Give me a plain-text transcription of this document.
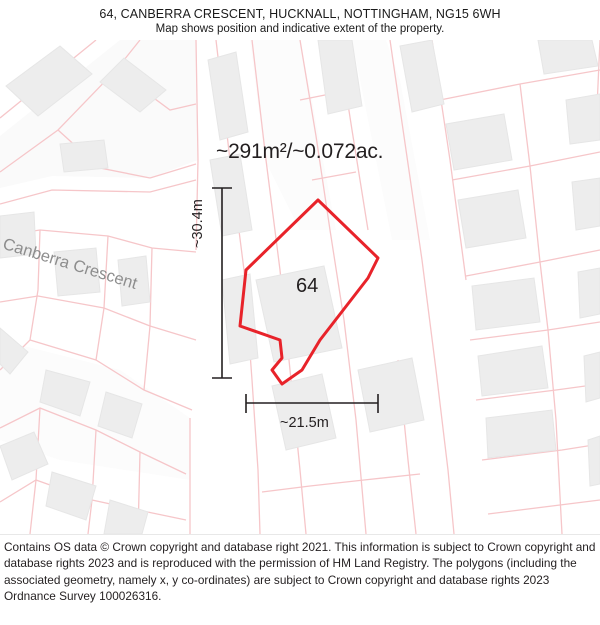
64, CANBERRA CRESCENT, HUCKNALL, NOTTINGHAM, NG15 6WH
Map shows position and indicative extent of the property.
~291m²/~0.072ac.
64
~30.4m
~21.5m
Canberra Crescent

Contains OS data © Crown copyright and database right 2021. This information is subject to Crown copyright and database rights 2023 and is reproduced with the permission of HM Land Registry. The polygons (including the associated geometry, namely x, y co-ordinates) are subject to Crown copyright and database rights 2023 Ordnance Survey 100026316.
